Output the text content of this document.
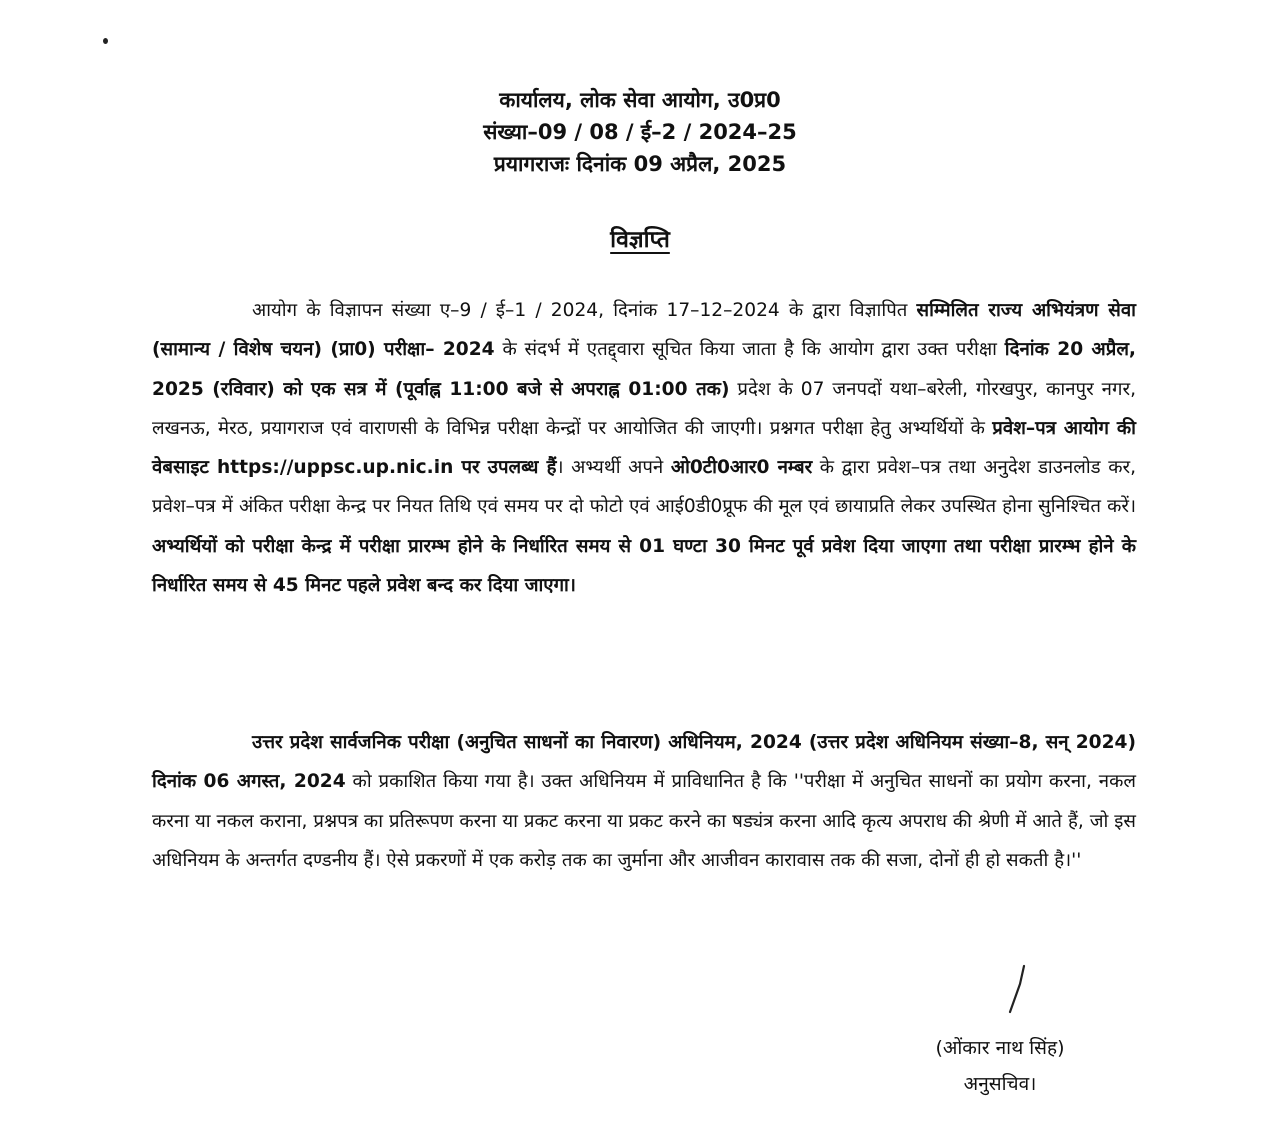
कार्यालय, लोक सेवा आयोग, उ0प्र0
संख्या–09 / 08 / ई–2 / 2024–25
प्रयागराजः दिनांक 09 अप्रैल, 2025
विज्ञप्ति
आयोग के विज्ञापन संख्या ए–9 / ई–1 / 2024, दिनांक 17–12–2024 के द्वारा विज्ञापित सम्मिलित राज्य अभियंत्रण सेवा (सामान्य / विशेष चयन) (प्रा0) परीक्षा– 2024 के संदर्भ में एतद्द्वारा सूचित किया जाता है कि आयोग द्वारा उक्त परीक्षा दिनांक 20 अप्रैल, 2025 (रविवार) को एक सत्र में (पूर्वाह्न 11:00 बजे से अपराह्न 01:00 तक) प्रदेश के 07 जनपदों यथा–बरेली, गोरखपुर, कानपुर नगर, लखनऊ, मेरठ, प्रयागराज एवं वाराणसी के विभिन्न परीक्षा केन्द्रों पर आयोजित की जाएगी। प्रश्नगत परीक्षा हेतु अभ्यर्थियों के प्रवेश–पत्र आयोग की वेबसाइट https://uppsc.up.nic.in पर उपलब्ध हैं। अभ्यर्थी अपने ओ0टी0आर0 नम्बर के द्वारा प्रवेश–पत्र तथा अनुदेश डाउनलोड कर, प्रवेश–पत्र में अंकित परीक्षा केन्द्र पर नियत तिथि एवं समय पर दो फोटो एवं आई0डी0प्रूफ की मूल एवं छायाप्रति लेकर उपस्थित होना सुनिश्चित करें। अभ्यर्थियों को परीक्षा केन्द्र में परीक्षा प्रारम्भ होने के निर्धारित समय से 01 घण्टा 30 मिनट पूर्व प्रवेश दिया जाएगा तथा परीक्षा प्रारम्भ होने के निर्धारित समय से 45 मिनट पहले प्रवेश बन्द कर दिया जाएगा।
उत्तर प्रदेश सार्वजनिक परीक्षा (अनुचित साधनों का निवारण) अधिनियम, 2024 (उत्तर प्रदेश अधिनियम संख्या–8, सन् 2024) दिनांक 06 अगस्त, 2024 को प्रकाशित किया गया है। उक्त अधिनियम में प्राविधानित है कि ''परीक्षा में अनुचित साधनों का प्रयोग करना, नकल करना या नकल कराना, प्रश्नपत्र का प्रतिरूपण करना या प्रकट करना या प्रकट करने का षड्यंत्र करना आदि कृत्य अपराध की श्रेणी में आते हैं, जो इस अधिनियम के अन्तर्गत दण्डनीय हैं। ऐसे प्रकरणों में एक करोड़ तक का जुर्माना और आजीवन कारावास तक की सजा, दोनों ही हो सकती है।''
(ओंकार नाथ सिंह)
अनुसचिव।
